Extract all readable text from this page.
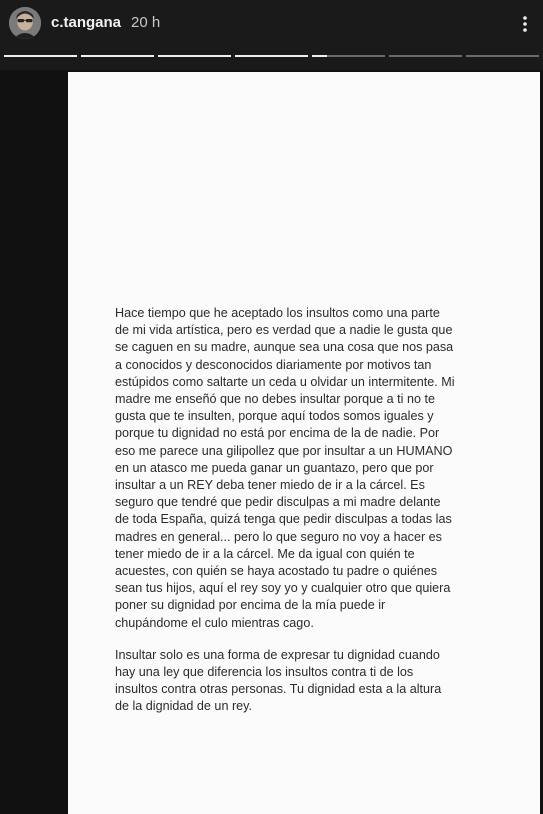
c.tangana 20 h

Hace tiempo que he aceptado los insultos como una parte de mi vida artística, pero es verdad que a nadie le gusta que se caguen en su madre, aunque sea una cosa que nos pasa a conocidos y desconocidos diariamente por motivos tan estúpidos como saltarte un ceda u olvidar un intermitente. Mi madre me enseñó que no debes insultar porque a ti no te gusta que te insulten, porque aquí todos somos iguales y porque tu dignidad no está por encima de la de nadie. Por eso me parece una gilipollez que por insultar a un HUMANO en un atasco me pueda ganar un guantazo, pero que por insultar a un REY deba tener miedo de ir a la cárcel. Es seguro que tendré que pedir disculpas a mi madre delante de toda España, quizá tenga que pedir disculpas a todas las madres en general... pero lo que seguro no voy a hacer es tener miedo de ir a la cárcel. Me da igual con quién te acuestes, con quién se haya acostado tu padre o quiénes sean tus hijos, aquí el rey soy yo y cualquier otro que quiera poner su dignidad por encima de la mía puede ir chupándome el culo mientras cago.

Insultar solo es una forma de expresar tu dignidad cuando hay una ley que diferencia los insultos contra ti de los insultos contra otras personas. Tu dignidad esta a la altura de la dignidad de un rey.
